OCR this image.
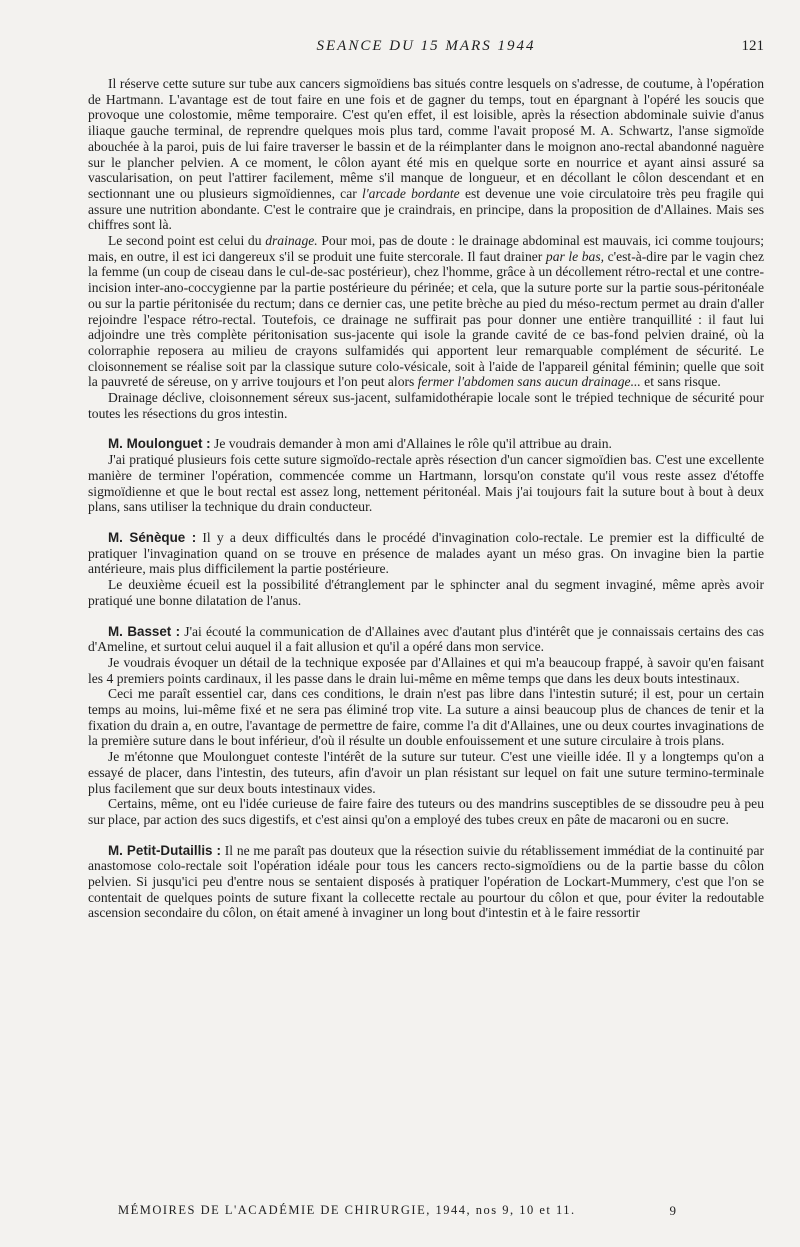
SEANCE DU 15 MARS 1944	121

Il réserve cette suture sur tube aux cancers sigmoïdiens bas situés contre lesquels on s'adresse, de coutume, à l'opération de Hartmann. L'avantage est de tout faire en une fois et de gagner du temps, tout en épargnant à l'opéré les soucis que provoque une colostomie, même temporaire. C'est qu'en effet, il est loisible, après la résection abdominale suivie d'anus iliaque gauche terminal, de reprendre quelques mois plus tard, comme l'avait proposé M. A. Schwartz, l'anse sigmoïde abouchée à la paroi, puis de lui faire traverser le bassin et de la réimplanter dans le moignon ano-rectal abandonné naguère sur le plancher pelvien. A ce moment, le côlon ayant été mis en quelque sorte en nourrice et ayant ainsi assuré sa vascularisation, on peut l'attirer facilement, même s'il manque de longueur, et en décollant le côlon descendant et en sectionnant une ou plusieurs sigmoïdiennes, car l'arcade bordante est devenue une voie circulatoire très peu fragile qui assure une nutrition abondante. C'est le contraire que je craindrais, en principe, dans la proposition de d'Allaines. Mais ses chiffres sont là.

Le second point est celui du drainage. Pour moi, pas de doute : le drainage abdominal est mauvais, ici comme toujours; mais, en outre, il est ici dangereux s'il se produit une fuite stercorale. Il faut drainer par le bas, c'est-à-dire par le vagin chez la femme (un coup de ciseau dans le cul-de-sac postérieur), chez l'homme, grâce à un décollement rétro-rectal et une contre-incision inter-ano-coccygienne par la partie postérieure du périnée; et cela, que la suture porte sur la partie sous-péritonéale ou sur la partie péritonisée du rectum; dans ce dernier cas, une petite brèche au pied du méso-rectum permet au drain d'aller rejoindre l'espace rétro-rectal. Toutefois, ce drainage ne suffirait pas pour donner une entière tranquillité : il faut lui adjoindre une très complète péritonisation sus-jacente qui isole la grande cavité de ce bas-fond pelvien drainé, où la colorraphie reposera au milieu de crayons sulfamidés qui apportent leur remarquable complément de sécurité. Le cloisonnement se réalise soit par la classique suture colo-vésicale, soit à l'aide de l'appareil génital féminin; quelle que soit la pauvreté de séreuse, on y arrive toujours et l'on peut alors fermer l'abdomen sans aucun drainage... et sans risque.

Drainage déclive, cloisonnement séreux sus-jacent, sulfamidothérapie locale sont le trépied technique de sécurité pour toutes les résections du gros intestin.

M. Moulonguet : Je voudrais demander à mon ami d'Allaines le rôle qu'il attribue au drain.

J'ai pratiqué plusieurs fois cette suture sigmoïdo-rectale après résection d'un cancer sigmoïdien bas. C'est une excellente manière de terminer l'opération, commencée comme un Hartmann, lorsqu'on constate qu'il vous reste assez d'étoffe sigmoïdienne et que le bout rectal est assez long, nettement péritonéal. Mais j'ai toujours fait la suture bout à bout à deux plans, sans utiliser la technique du drain conducteur.

M. Sénèque : Il y a deux difficultés dans le procédé d'invagination colo-rectale. Le premier est la difficulté de pratiquer l'invagination quand on se trouve en présence de malades ayant un méso gras. On invagine bien la partie antérieure, mais plus difficilement la partie postérieure.

Le deuxième écueil est la possibilité d'étranglement par le sphincter anal du segment invaginé, même après avoir pratiqué une bonne dilatation de l'anus.

M. Basset : J'ai écouté la communication de d'Allaines avec d'autant plus d'intérêt que je connaissais certains des cas d'Ameline, et surtout celui auquel il a fait allusion et qu'il a opéré dans mon service.

Je voudrais évoquer un détail de la technique exposée par d'Allaines et qui m'a beaucoup frappé, à savoir qu'en faisant les 4 premiers points cardinaux, il les passe dans le drain lui-même en même temps que dans les deux bouts intestinaux.

Ceci me paraît essentiel car, dans ces conditions, le drain n'est pas libre dans l'intestin suturé; il est, pour un certain temps au moins, lui-même fixé et ne sera pas éliminé trop vite. La suture a ainsi beaucoup plus de chances de tenir et la fixation du drain a, en outre, l'avantage de permettre de faire, comme l'a dit d'Allaines, une ou deux courtes invaginations de la première suture dans le bout inférieur, d'où il résulte un double enfouissement et une suture circulaire à trois plans.

Je m'étonne que Moulonguet conteste l'intérêt de la suture sur tuteur. C'est une vieille idée. Il y a longtemps qu'on a essayé de placer, dans l'intestin, des tuteurs, afin d'avoir un plan résistant sur lequel on fait une suture termino-terminale plus facilement que sur deux bouts intestinaux vides.

Certains, même, ont eu l'idée curieuse de faire faire des tuteurs ou des mandrins susceptibles de se dissoudre peu à peu sur place, par action des sucs digestifs, et c'est ainsi qu'on a employé des tubes creux en pâte de macaroni ou en sucre.

M. Petit-Dutaillis : Il ne me paraît pas douteux que la résection suivie du rétablissement immédiat de la continuité par anastomose colo-rectale soit l'opération idéale pour tous les cancers recto-sigmoïdiens ou de la partie basse du côlon pelvien. Si jusqu'ici peu d'entre nous se sentaient disposés à pratiquer l'opération de Lockart-Mummery, c'est que l'on se contentait de quelques points de suture fixant la collecette rectale au pourtour du côlon et que, pour éviter la redoutable ascension secondaire du côlon, on était amené à invaginer un long bout d'intestin et à le faire ressortir

MÉMOIRES DE L'ACADÉMIE DE CHIRURGIE, 1944, nos 9, 10 et 11.	9
